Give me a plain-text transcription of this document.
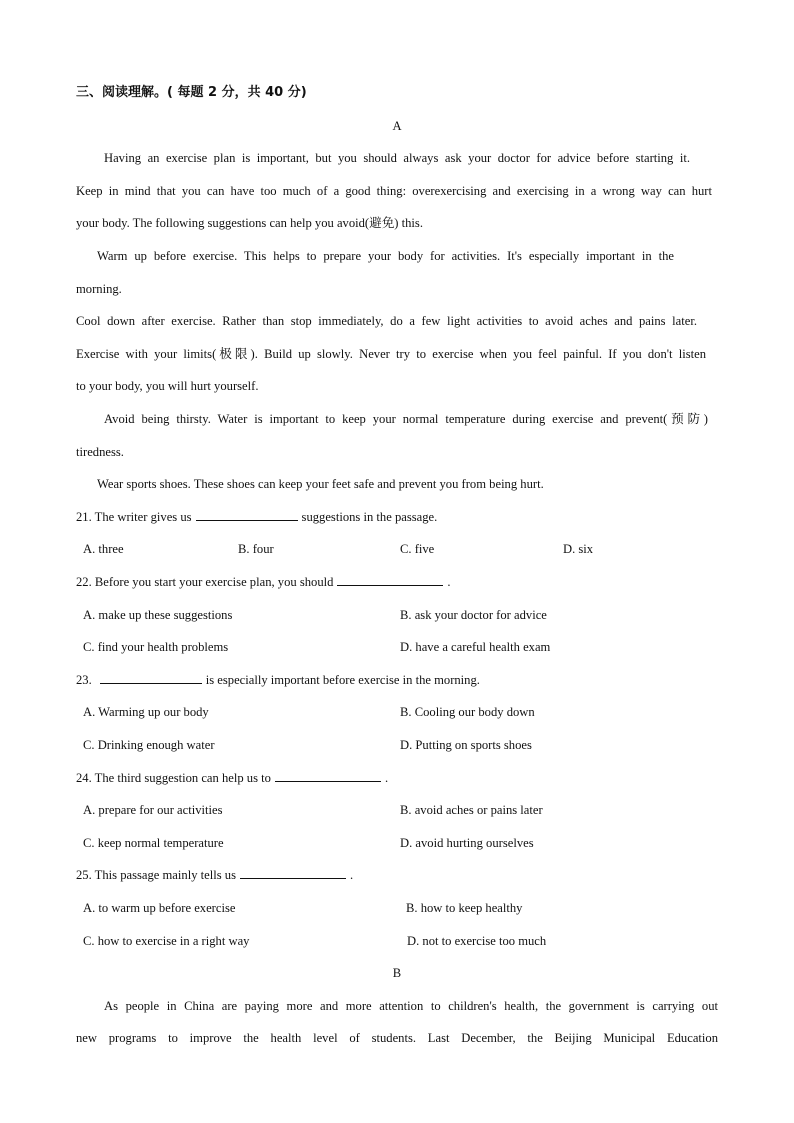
三、阅读理解。( 每题 2 分，共 40 分)
A
Having an exercise plan is important, but you should always ask your doctor for advice before starting it.
Keep in mind that you can have too much of a good thing: overexercising and exercising in a wrong way can hurt
your body. The following suggestions can help you avoid(避免) this.
Warm up before exercise. This helps to prepare your body for activities. It's especially important in the
morning.
Cool down after exercise. Rather than stop immediately, do a few light activities to avoid aches and pains later.
Exercise with your limits(极限). Build up slowly. Never try to exercise when you feel painful. If you don't listen
to your body, you will hurt yourself.
Avoid being thirsty. Water is important to keep your normal temperature during exercise and prevent(预防)
tiredness.
Wear sports shoes. These shoes can keep your feet safe and prevent you from being hurt.
21. The writer gives us	suggestions in the passage.
A. three	B. four	C. five	D. six
22. Before you start your exercise plan, you should	.
A. make up these suggestions	B. ask your doctor for advice
C. find your health problems	D. have a careful health exam
23.	is especially important before exercise in the morning.
A. Warming up our body	B. Cooling our body down
C. Drinking enough water	D. Putting on sports shoes
24. The third suggestion can help us to	.
A. prepare for our activities	B. avoid aches or pains later
C. keep normal temperature	D. avoid hurting ourselves
25. This passage mainly tells us	.
A. to warm up before exercise	B. how to keep healthy
C. how to exercise in a right way	D. not to exercise too much
B
As people in China are paying more and more attention to children's health, the government is carrying out
new programs to improve the health level of students. Last December, the Beijing Municipal Education
